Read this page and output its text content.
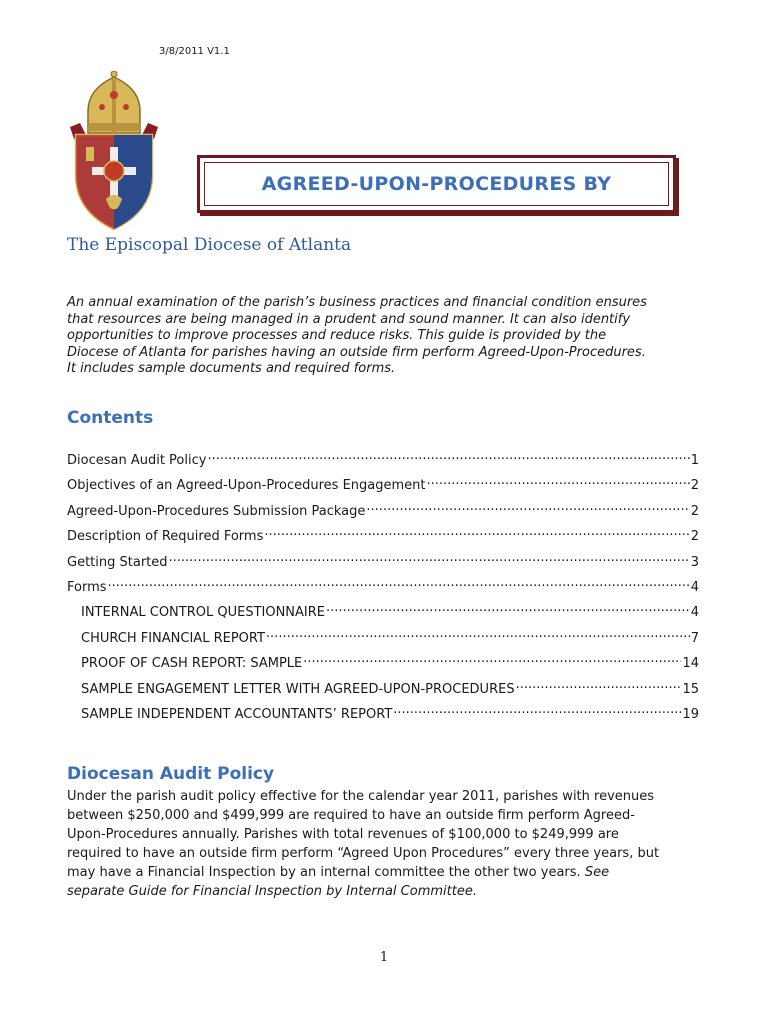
3/8/2011 V1.1
AGREED-UPON-PROCEDURES BY
The Episcopal Diocese of Atlanta

An annual examination of the parish’s business practices and financial condition ensures

that resources are being managed in a prudent and sound manner. It can also identify

opportunities to improve processes and reduce risks. This guide is provided by the

Diocese of Atlanta for parishes having an outside firm perform Agreed-Upon-Procedures.

It includes sample documents and required forms.

Contents
Diocesan Audit Policy .....	1
Objectives of an Agreed-Upon-Procedures Engagement .....	2
Agreed-Upon-Procedures Submission Package .....	2
Description of Required Forms .....	2
Getting Started .....	3
Forms .....	4
INTERNAL CONTROL QUESTIONNAIRE .....	4
CHURCH FINANCIAL REPORT .....	7
PROOF OF CASH REPORT: SAMPLE .....	14
SAMPLE ENGAGEMENT LETTER WITH AGREED-UPON-PROCEDURES .....	15
SAMPLE INDEPENDENT ACCOUNTANTS’ REPORT .....	19
Diocesan Audit Policy

Under the parish audit policy effective for the calendar year 2011, parishes with revenues

between $250,000 and $499,999 are required to have an outside firm perform Agreed-

Upon-Procedures annually. Parishes with total revenues of $100,000 to $249,999 are

required to have an outside firm perform “Agreed Upon Procedures” every three years, but

may have a Financial Inspection by an internal committee the other two years. See

separate Guide for Financial Inspection by Internal Committee.

1
